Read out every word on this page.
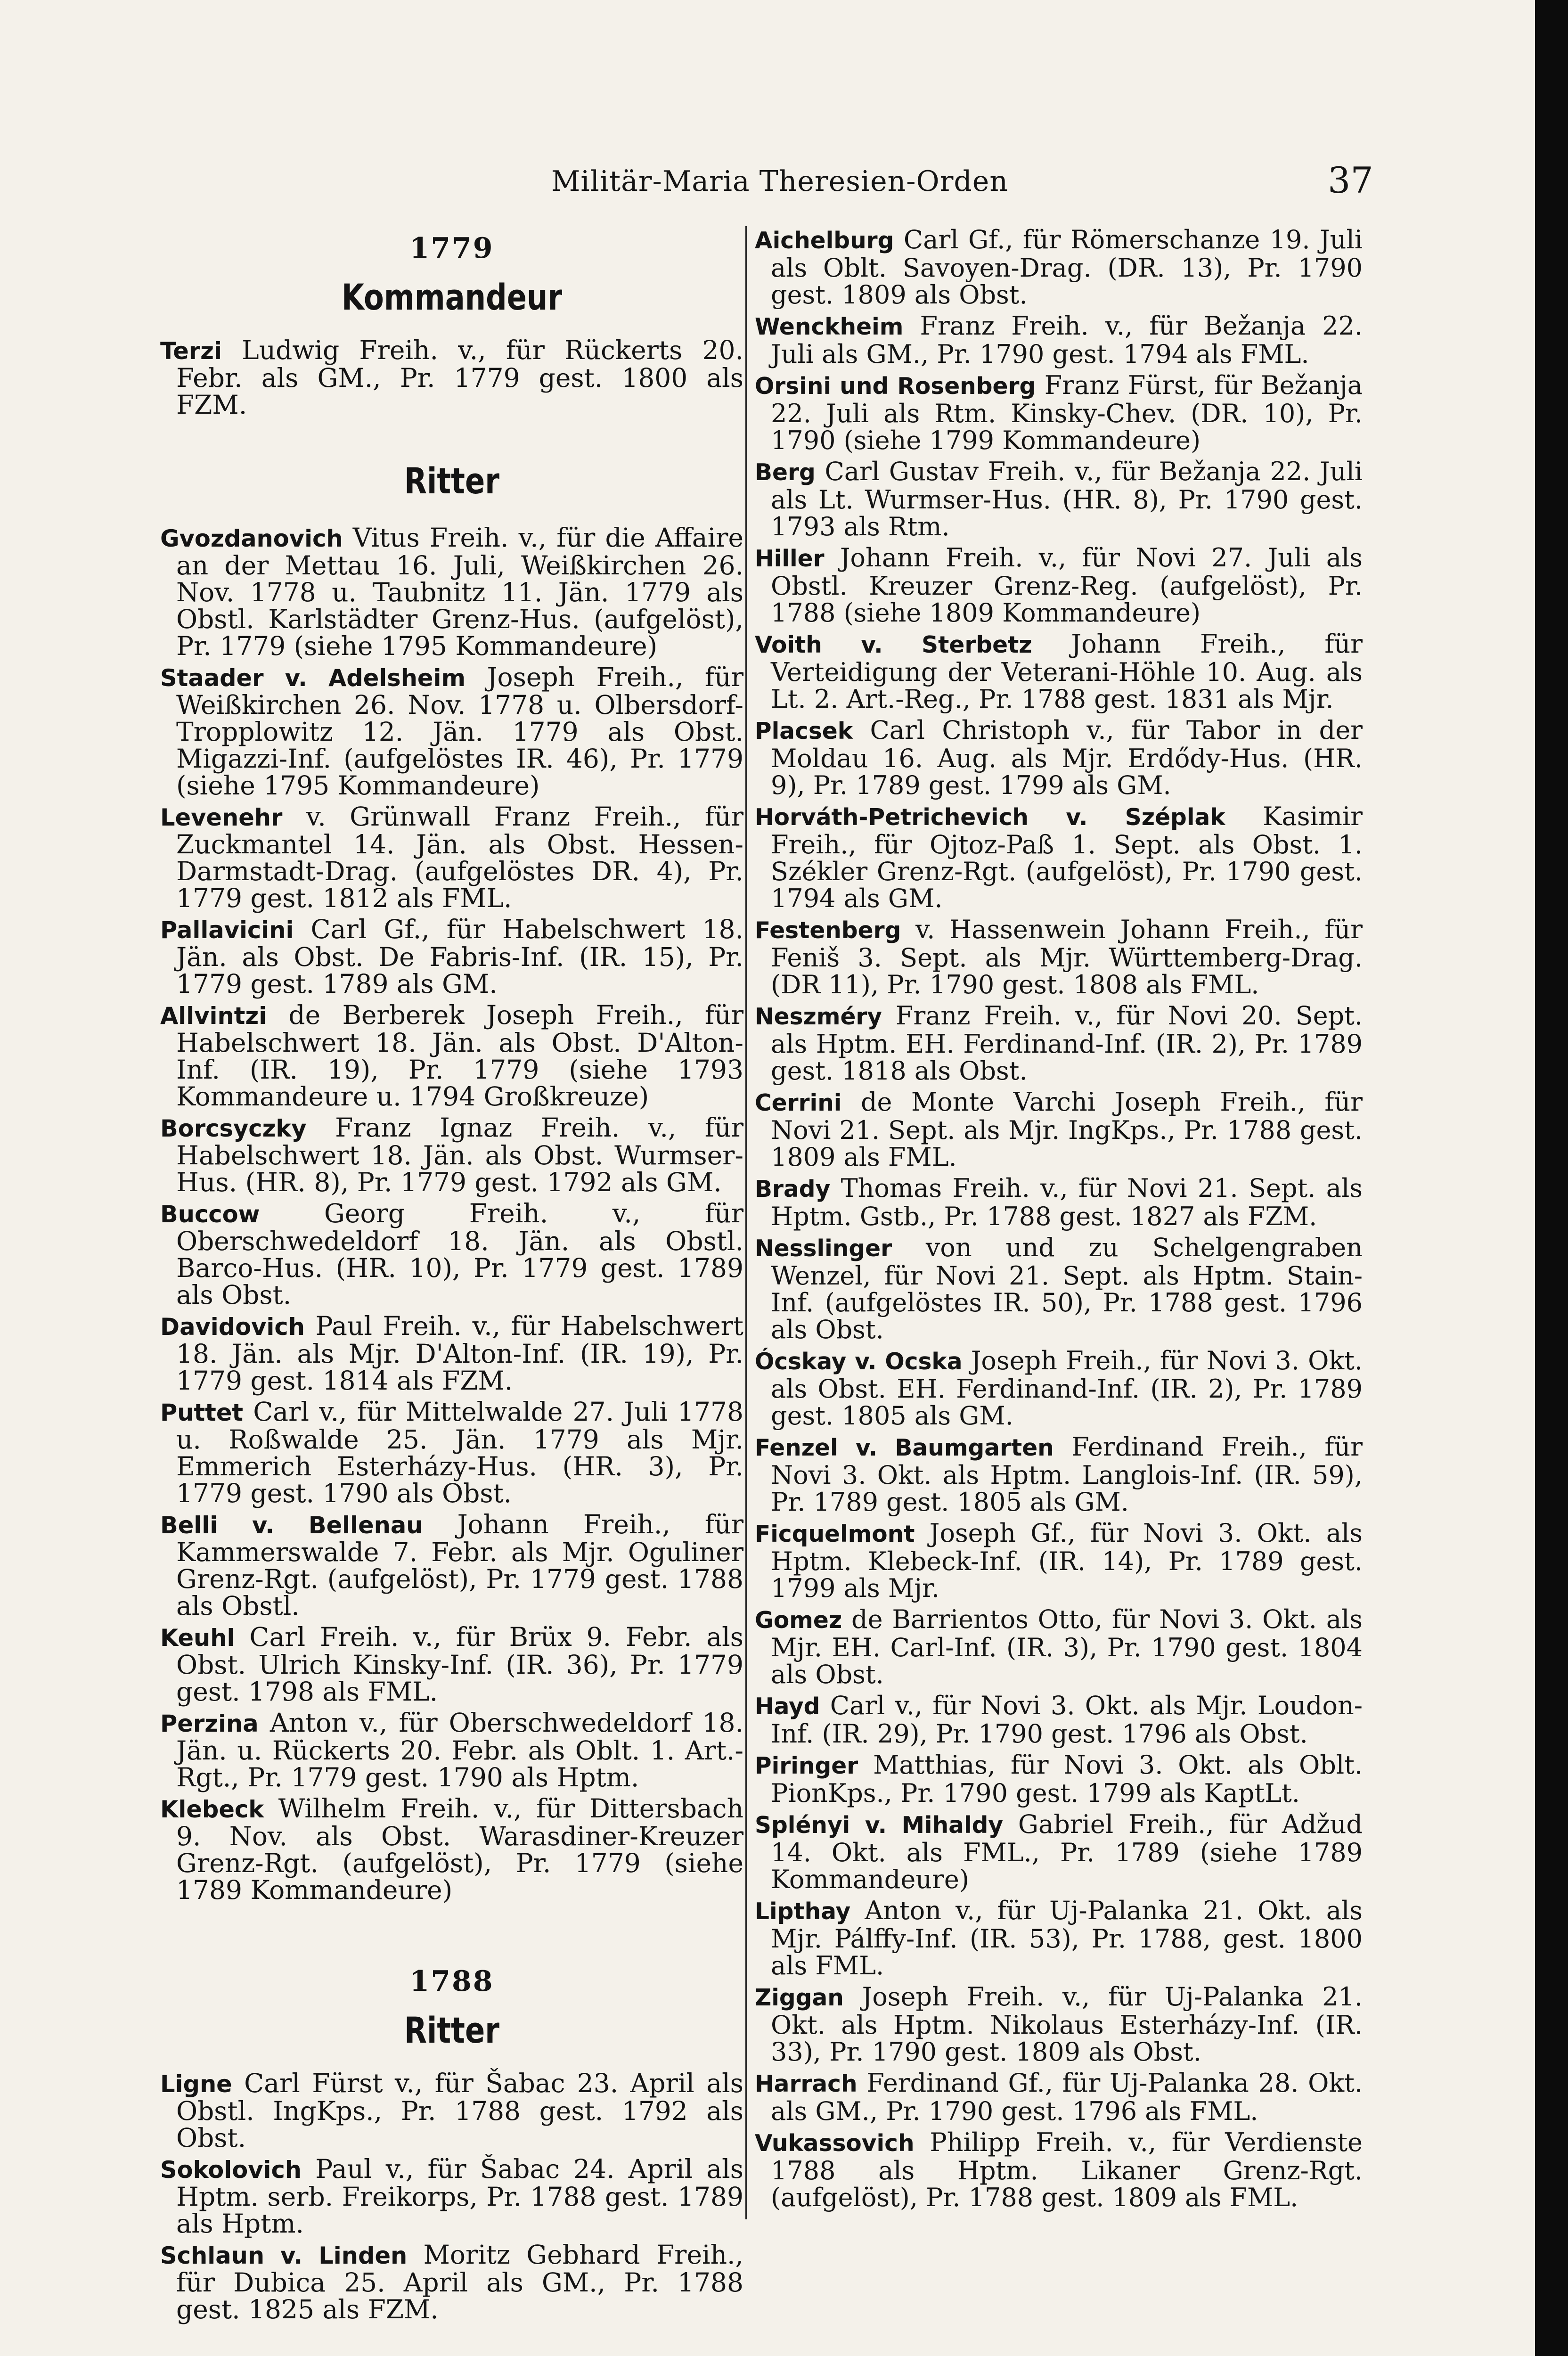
Militär-Maria Theresien-Orden	37
1779
Kommandeur

Terzi Ludwig Freih. v., für Rückerts 20. Febr. als GM., Pr. 1779 gest. 1800 als FZM.

Ritter

Gvozdanovich Vitus Freih. v., für die Affaire an der Mettau 16. Juli, Weißkirchen 26. Nov. 1778 u. Taubnitz 11. Jän. 1779 als Obstl. Karlstädter Grenz-Hus. (aufgelöst), Pr. 1779 (siehe 1795 Kommandeure)

Staader v. Adelsheim Joseph Freih., für Weißkirchen 26. Nov. 1778 u. Olbersdorf-Tropplowitz 12. Jän. 1779 als Obst. Migazzi-Inf. (aufgelöstes IR. 46), Pr. 1779 (siehe 1795 Kommandeure)

Levenehr v. Grünwall Franz Freih., für Zuckmantel 14. Jän. als Obst. Hessen-Darmstadt-Drag. (aufgelöstes DR. 4), Pr. 1779 gest. 1812 als FML.

Pallavicini Carl Gf., für Habelschwert 18. Jän. als Obst. De Fabris-Inf. (IR. 15), Pr. 1779 gest. 1789 als GM.

Allvintzi de Berberek Joseph Freih., für Habelschwert 18. Jän. als Obst. D'Alton-Inf. (IR. 19), Pr. 1779 (siehe 1793 Kommandeure u. 1794 Großkreuze)

Borcsyczky Franz Ignaz Freih. v., für Habelschwert 18. Jän. als Obst. Wurmser-Hus. (HR. 8), Pr. 1779 gest. 1792 als GM.

Buccow Georg Freih. v., für Oberschwedeldorf 18. Jän. als Obstl. Barco-Hus. (HR. 10), Pr. 1779 gest. 1789 als Obst.

Davidovich Paul Freih. v., für Habelschwert 18. Jän. als Mjr. D'Alton-Inf. (IR. 19), Pr. 1779 gest. 1814 als FZM.

Puttet Carl v., für Mittelwalde 27. Juli 1778 u. Roßwalde 25. Jän. 1779 als Mjr. Emmerich Esterházy-Hus. (HR. 3), Pr. 1779 gest. 1790 als Obst.

Belli v. Bellenau Johann Freih., für Kammerswalde 7. Febr. als Mjr. Oguliner Grenz-Rgt. (aufgelöst), Pr. 1779 gest. 1788 als Obstl.

Keuhl Carl Freih. v., für Brüx 9. Febr. als Obst. Ulrich Kinsky-Inf. (IR. 36), Pr. 1779 gest. 1798 als FML.

Perzina Anton v., für Oberschwedeldorf 18. Jän. u. Rückerts 20. Febr. als Oblt. 1. Art.-Rgt., Pr. 1779 gest. 1790 als Hptm.

Klebeck Wilhelm Freih. v., für Dittersbach 9. Nov. als Obst. Warasdiner-Kreuzer Grenz-Rgt. (aufgelöst), Pr. 1779 (siehe 1789 Kommandeure)

1788
Ritter

Ligne Carl Fürst v., für Šabac 23. April als Obstl. IngKps., Pr. 1788 gest. 1792 als Obst.

Sokolovich Paul v., für Šabac 24. April als Hptm. serb. Freikorps, Pr. 1788 gest. 1789 als Hptm.

Schlaun v. Linden Moritz Gebhard Freih., für Dubica 25. April als GM., Pr. 1788 gest. 1825 als FZM.

Aichelburg Carl Gf., für Römerschanze 19. Juli als Oblt. Savoyen-Drag. (DR. 13), Pr. 1790 gest. 1809 als Obst.

Wenckheim Franz Freih. v., für Bežanja 22. Juli als GM., Pr. 1790 gest. 1794 als FML.

Orsini und Rosenberg Franz Fürst, für Bežanja 22. Juli als Rtm. Kinsky-Chev. (DR. 10), Pr. 1790 (siehe 1799 Kommandeure)

Berg Carl Gustav Freih. v., für Bežanja 22. Juli als Lt. Wurmser-Hus. (HR. 8), Pr. 1790 gest. 1793 als Rtm.

Hiller Johann Freih. v., für Novi 27. Juli als Obstl. Kreuzer Grenz-Reg. (aufgelöst), Pr. 1788 (siehe 1809 Kommandeure)

Voith v. Sterbetz Johann Freih., für Verteidigung der Veterani-Höhle 10. Aug. als Lt. 2. Art.-Reg., Pr. 1788 gest. 1831 als Mjr.

Placsek Carl Christoph v., für Tabor in der Moldau 16. Aug. als Mjr. Erdődy-Hus. (HR. 9), Pr. 1789 gest. 1799 als GM.

Horváth-Petrichevich v. Széplak Kasimir Freih., für Ojtoz-Paß 1. Sept. als Obst. 1. Székler Grenz-Rgt. (aufgelöst), Pr. 1790 gest. 1794 als GM.

Festenberg v. Hassenwein Johann Freih., für Feniš 3. Sept. als Mjr. Württemberg-Drag. (DR 11), Pr. 1790 gest. 1808 als FML.

Neszméry Franz Freih. v., für Novi 20. Sept. als Hptm. EH. Ferdinand-Inf. (IR. 2), Pr. 1789 gest. 1818 als Obst.

Cerrini de Monte Varchi Joseph Freih., für Novi 21. Sept. als Mjr. IngKps., Pr. 1788 gest. 1809 als FML.

Brady Thomas Freih. v., für Novi 21. Sept. als Hptm. Gstb., Pr. 1788 gest. 1827 als FZM.

Nesslinger von und zu Schelgengraben Wenzel, für Novi 21. Sept. als Hptm. Stain-Inf. (aufgelöstes IR. 50), Pr. 1788 gest. 1796 als Obst.

Ócskay v. Ocska Joseph Freih., für Novi 3. Okt. als Obst. EH. Ferdinand-Inf. (IR. 2), Pr. 1789 gest. 1805 als GM.

Fenzel v. Baumgarten Ferdinand Freih., für Novi 3. Okt. als Hptm. Langlois-Inf. (IR. 59), Pr. 1789 gest. 1805 als GM.

Ficquelmont Joseph Gf., für Novi 3. Okt. als Hptm. Klebeck-Inf. (IR. 14), Pr. 1789 gest. 1799 als Mjr.

Gomez de Barrientos Otto, für Novi 3. Okt. als Mjr. EH. Carl-Inf. (IR. 3), Pr. 1790 gest. 1804 als Obst.

Hayd Carl v., für Novi 3. Okt. als Mjr. Loudon-Inf. (IR. 29), Pr. 1790 gest. 1796 als Obst.

Piringer Matthias, für Novi 3. Okt. als Oblt. PionKps., Pr. 1790 gest. 1799 als KaptLt.

Splényi v. Mihaldy Gabriel Freih., für Adžud 14. Okt. als FML., Pr. 1789 (siehe 1789 Kommandeure)

Lipthay Anton v., für Uj-Palanka 21. Okt. als Mjr. Pálffy-Inf. (IR. 53), Pr. 1788, gest. 1800 als FML.

Ziggan Joseph Freih. v., für Uj-Palanka 21. Okt. als Hptm. Nikolaus Esterházy-Inf. (IR. 33), Pr. 1790 gest. 1809 als Obst.

Harrach Ferdinand Gf., für Uj-Palanka 28. Okt. als GM., Pr. 1790 gest. 1796 als FML.

Vukassovich Philipp Freih. v., für Verdienste 1788 als Hptm. Likaner Grenz-Rgt. (aufgelöst), Pr. 1788 gest. 1809 als FML.
